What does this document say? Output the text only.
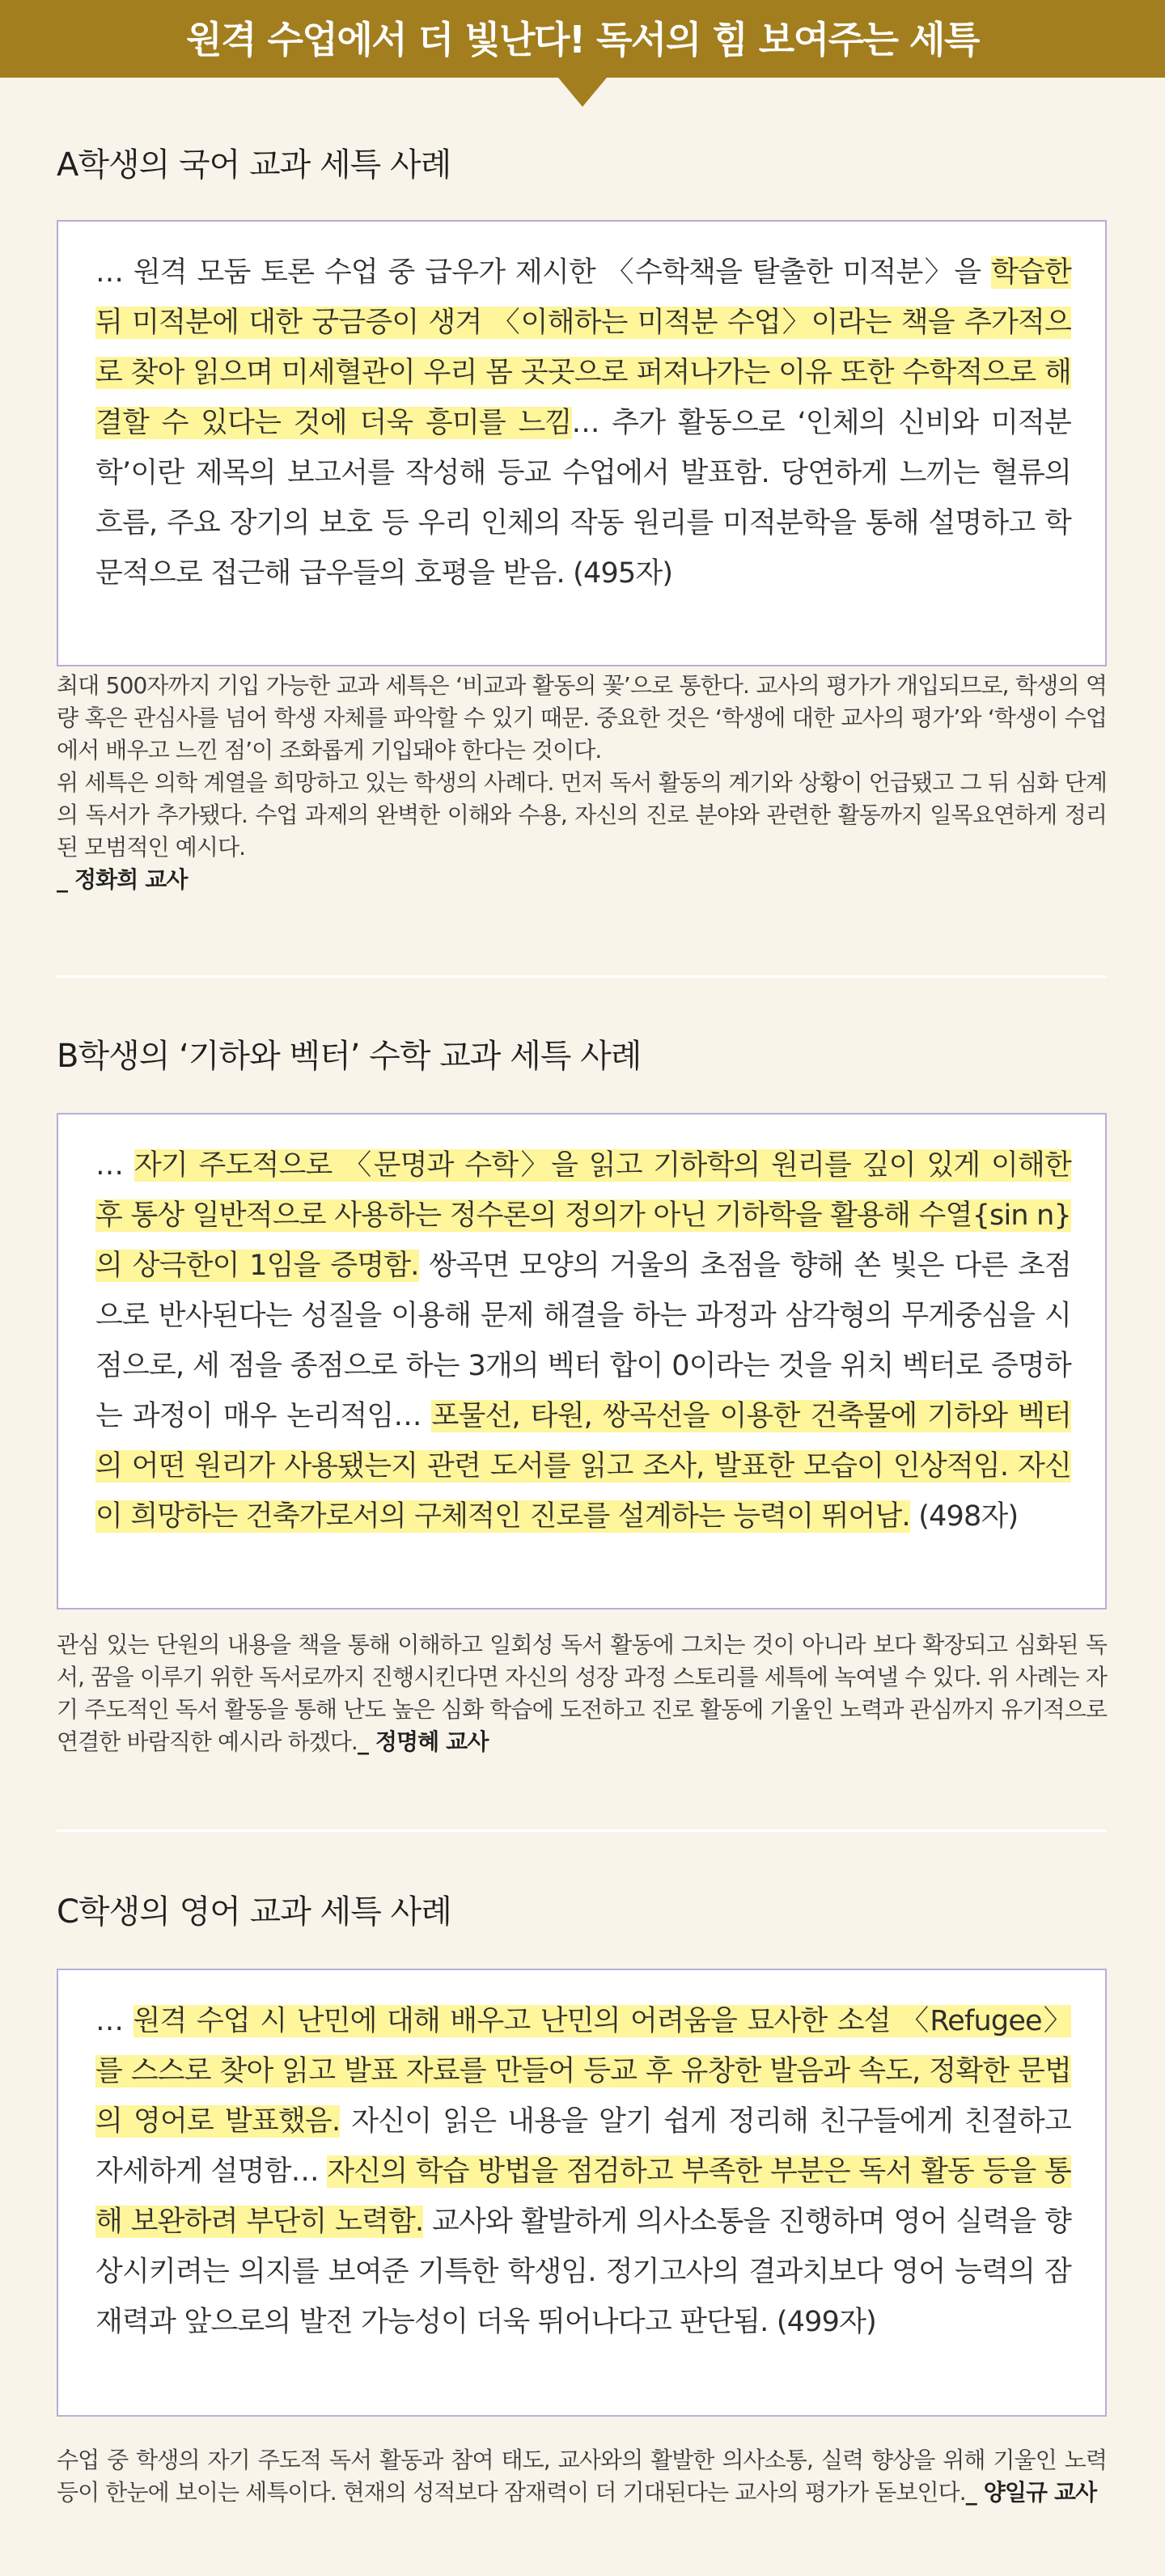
원격 수업에서 더 빛난다! 독서의 힘 보여주는 세특
A학생의 국어 교과 세특 사례
… 원격 모둠 토론 수업 중 급우가 제시한 〈수학책을 탈출한 미적분〉을 학습한 뒤 미적분에 대한 궁금증이 생겨 〈이해하는 미적분 수업〉이라는 책을 추가적으로 찾아 읽으며 미세혈관이 우리 몸 곳곳으로 퍼져나가는 이유 또한 수학적으로 해결할 수 있다는 것에 더욱 흥미를 느낌… 추가 활동으로 ‘인체의 신비와 미적분학’이란 제목의 보고서를 작성해 등교 수업에서 발표함. 당연하게 느끼는 혈류의 흐름, 주요 장기의 보호 등 우리 인체의 작동 원리를 미적분학을 통해 설명하고 학문적으로 접근해 급우들의 호평을 받음. (495자)

최대 500자까지 기입 가능한 교과 세특은 ‘비교과 활동의 꽃’으로 통한다. 교사의 평가가 개입되므로, 학생의 역량 혹은 관심사를 넘어 학생 자체를 파악할 수 있기 때문. 중요한 것은 ‘학생에 대한 교사의 평가’와 ‘학생이 수업에서 배우고 느낀 점’이 조화롭게 기입돼야 한다는 것이다.

위 세특은 의학 계열을 희망하고 있는 학생의 사례다. 먼저 독서 활동의 계기와 상황이 언급됐고 그 뒤 심화 단계의 독서가 추가됐다. 수업 과제의 완벽한 이해와 수용, 자신의 진로 분야와 관련한 활동까지 일목요연하게 정리된 모범적인 예시다.

_ 정화희 교사

B학생의 ‘기하와 벡터’ 수학 교과 세특 사례
… 자기 주도적으로 〈문명과 수학〉을 읽고 기하학의 원리를 깊이 있게 이해한 후 통상 일반적으로 사용하는 정수론의 정의가 아닌 기하학을 활용해 수열{sin n}의 상극한이 1임을 증명함. 쌍곡면 모양의 거울의 초점을 향해 쏜 빛은 다른 초점으로 반사된다는 성질을 이용해 문제 해결을 하는 과정과 삼각형의 무게중심을 시점으로, 세 점을 종점으로 하는 3개의 벡터 합이 0이라는 것을 위치 벡터로 증명하는 과정이 매우 논리적임… 포물선, 타원, 쌍곡선을 이용한 건축물에 기하와 벡터의 어떤 원리가 사용됐는지 관련 도서를 읽고 조사, 발표한 모습이 인상적임. 자신이 희망하는 건축가로서의 구체적인 진로를 설계하는 능력이 뛰어남. (498자)

관심 있는 단원의 내용을 책을 통해 이해하고 일회성 독서 활동에 그치는 것이 아니라 보다 확장되고 심화된 독서, 꿈을 이루기 위한 독서로까지 진행시킨다면 자신의 성장 과정 스토리를 세특에 녹여낼 수 있다. 위 사례는 자기 주도적인 독서 활동을 통해 난도 높은 심화 학습에 도전하고 진로 활동에 기울인 노력과 관심까지 유기적으로 연결한 바람직한 예시라 하겠다._ 정명혜 교사

C학생의 영어 교과 세특 사례
… 원격 수업 시 난민에 대해 배우고 난민의 어려움을 묘사한 소설 〈Refugee〉를 스스로 찾아 읽고 발표 자료를 만들어 등교 후 유창한 발음과 속도, 정확한 문법의 영어로 발표했음. 자신이 읽은 내용을 알기 쉽게 정리해 친구들에게 친절하고 자세하게 설명함… 자신의 학습 방법을 점검하고 부족한 부분은 독서 활동 등을 통해 보완하려 부단히 노력함. 교사와 활발하게 의사소통을 진행하며 영어 실력을 향상시키려는 의지를 보여준 기특한 학생임. 정기고사의 결과치보다 영어 능력의 잠재력과 앞으로의 발전 가능성이 더욱 뛰어나다고 판단됨. (499자)

수업 중 학생의 자기 주도적 독서 활동과 참여 태도, 교사와의 활발한 의사소통, 실력 향상을 위해 기울인 노력 등이 한눈에 보이는 세특이다. 현재의 성적보다 잠재력이 더 기대된다는 교사의 평가가 돋보인다._ 양일규 교사
